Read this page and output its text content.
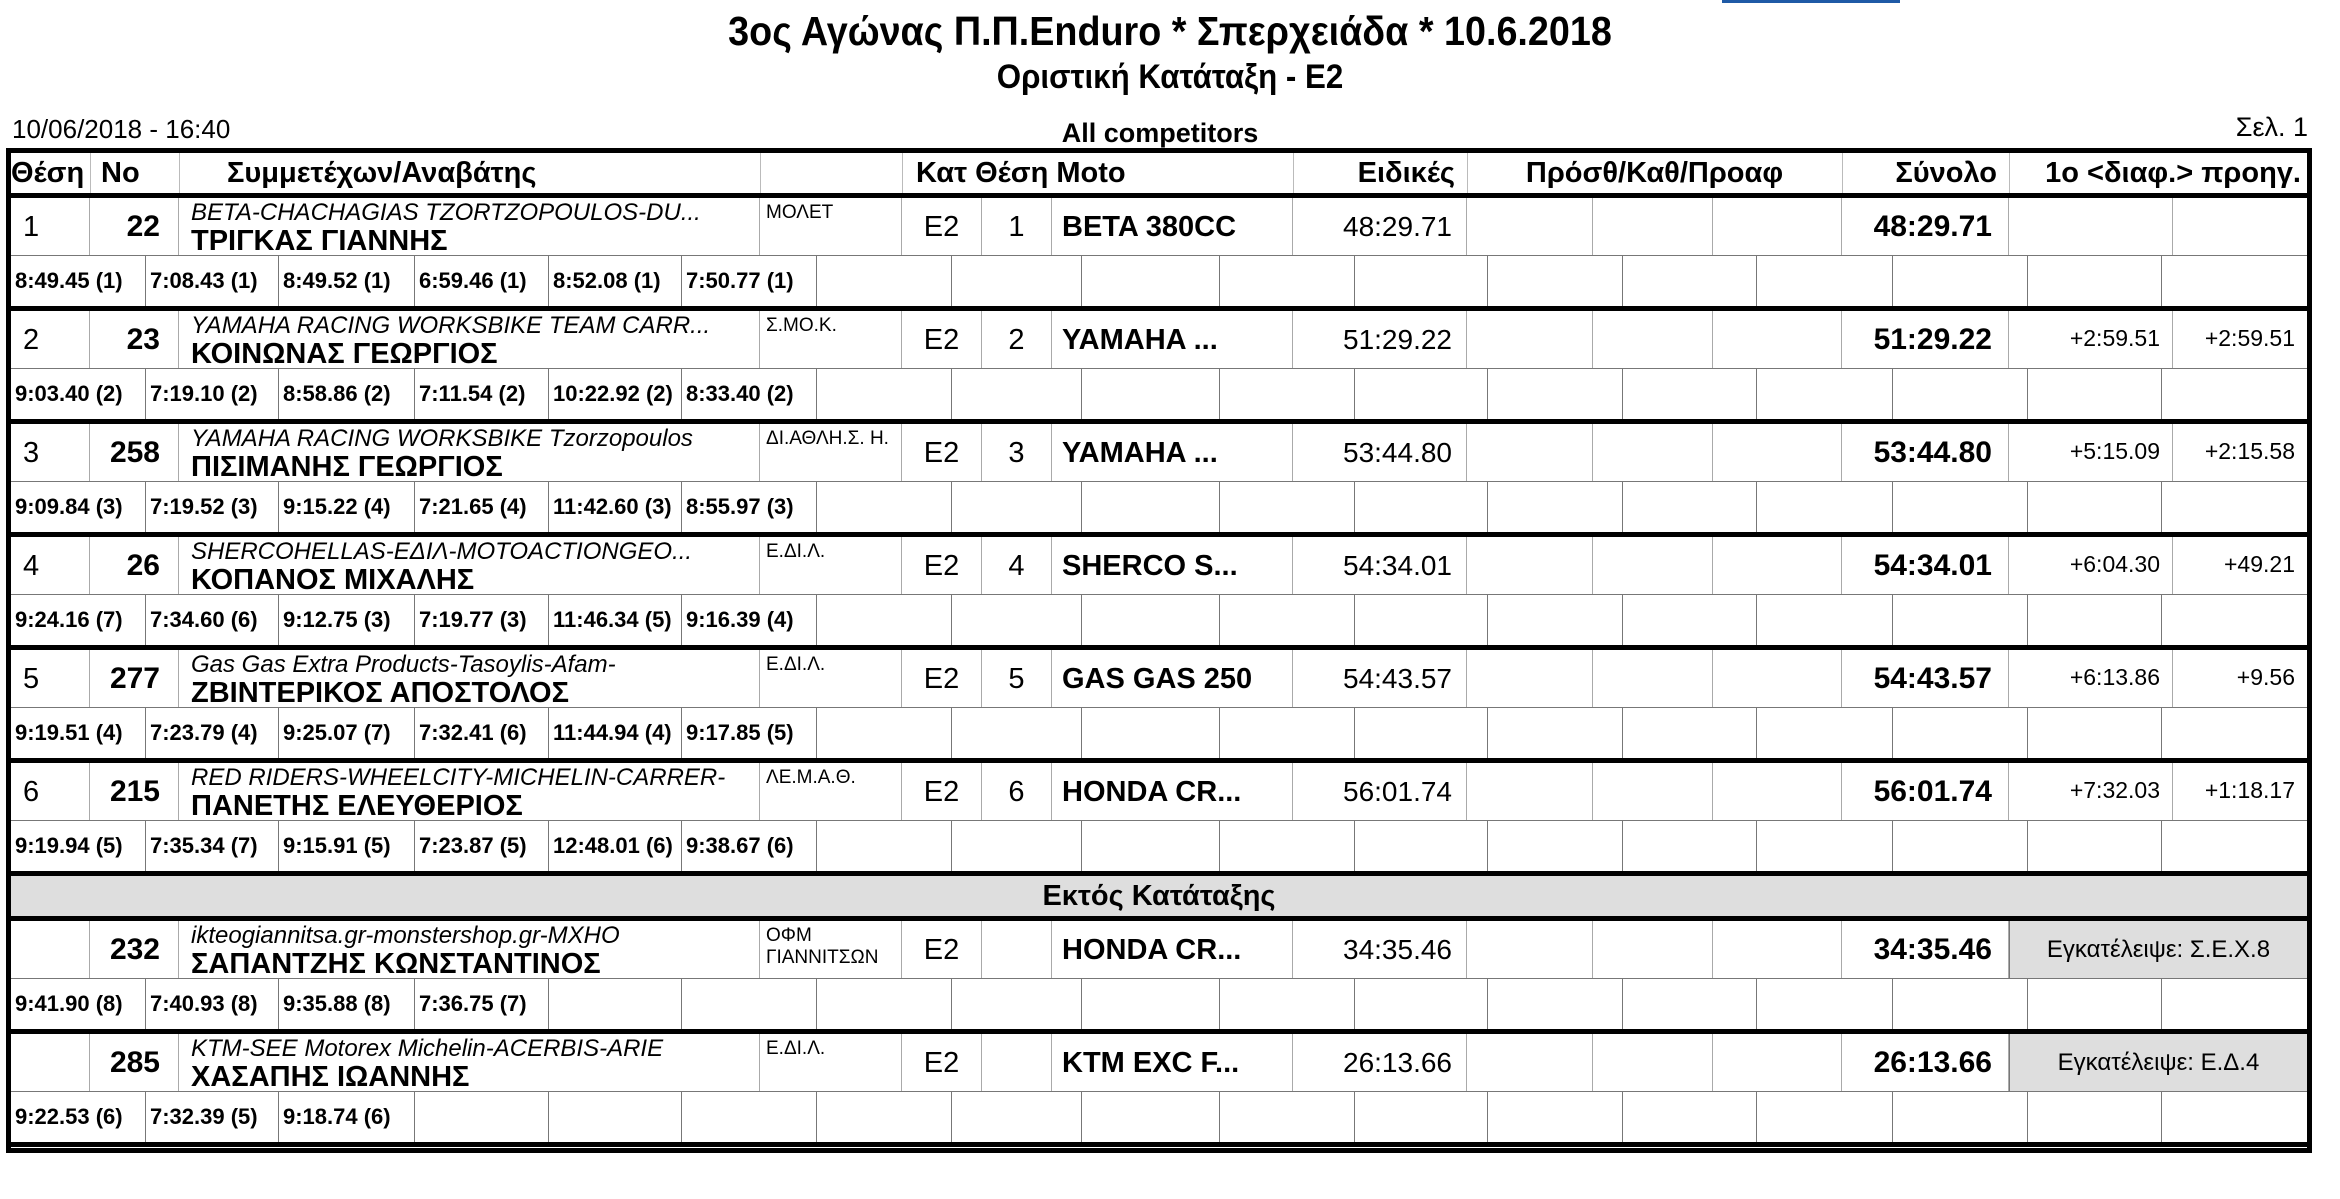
3ος Αγώνας Π.Π.Enduro * Σπερχειάδα * 10.6.2018
Οριστική Κατάταξη - Ε2
10/06/2018 - 16:40	All competitors	Σελ. 1
Θέση No	Συμμετέχων/Αναβάτης	Κατ Θέση Moto	Ειδικές	Πρόσθ/Καθ/Προαφ	Σύνολο	1ο <διαφ.> προηγ.
1	22	BETA-CHACHAGIAS TZORTZOPOULOS-DU...
ΤΡΙΓΚΑΣ ΓΙΑΝΝΗΣ
ΜΟΛΕΤ	Ε2	1	BETA 380CC	48:29.71	48:29.71
8:49.45 (1)	7:08.43 (1)	8:49.52 (1)	6:59.46 (1)	8:52.08 (1)	7:50.77 (1)
2	23	YAMAHA RACING WORKSBIKE TEAM CARR...
ΚΟΙΝΩΝΑΣ ΓΕΩΡΓΙΟΣ
Σ.ΜΟ.Κ.	Ε2	2	YAMAHA ...	51:29.22	51:29.22	+2:59.51	+2:59.51
9:03.40 (2)	7:19.10 (2)	8:58.86 (2)	7:11.54 (2)	10:22.92 (2) 8:33.40 (2)
3	258	YAMAHA RACING WORKSBIKE Tzorzopoulos
ΠΙΣΙΜΑΝΗΣ ΓΕΩΡΓΙΟΣ
ΔΙ.ΑΘΛΗ.Σ. Η.	Ε2	3	YAMAHA ...	53:44.80	53:44.80	+5:15.09	+2:15.58
9:09.84 (3)	7:19.52 (3)	9:15.22 (4)	7:21.65 (4)	11:42.60 (3) 8:55.97 (3)
4	26	SHERCOHELLAS-ΕΔΙΛ-MOTOACTIONGEO...
ΚΟΠΑΝΟΣ ΜΙΧΑΛΗΣ
Ε.ΔΙ.Λ.	Ε2	4	SHERCO S...	54:34.01	54:34.01	+6:04.30	+49.21
9:24.16 (7)	7:34.60 (6)	9:12.75 (3)	7:19.77 (3)	11:46.34 (5) 9:16.39 (4)
5	277	Gas Gas Extra Products-Tasoylis-Afam-
ΖΒΙΝΤΕΡΙΚΟΣ ΑΠΟΣΤΟΛΟΣ
Ε.ΔΙ.Λ.	Ε2	5	GAS GAS 250	54:43.57	54:43.57	+6:13.86	+9.56
9:19.51 (4)	7:23.79 (4)	9:25.07 (7)	7:32.41 (6)	11:44.94 (4) 9:17.85 (5)
6	215	RED RIDERS-WHEELCITY-MICHELIN-CARRER-
ΠΑΝΕΤΗΣ ΕΛΕΥΘΕΡΙΟΣ
ΛΕ.Μ.Α.Θ.	Ε2	6	HONDA CR...	56:01.74	56:01.74	+7:32.03	+1:18.17
9:19.94 (5)	7:35.34 (7)	9:15.91 (5)	7:23.87 (5)	12:48.01 (6) 9:38.67 (6)
Εκτός Κατάταξης
232	ikteogiannitsa.gr-monstershop.gr-MXHO
ΣΑΠΑΝΤΖΗΣ ΚΩΝΣΤΑΝΤΙΝΟΣ
ΟΦΜ ΓΙΑΝΝΙΤΣΩΝ	Ε2	HONDA CR...	34:35.46	34:35.46	Εγκατέλειψε: Σ.Ε.Χ.8
9:41.90 (8)	7:40.93 (8)	9:35.88 (8)	7:36.75 (7)
285	KTM-SEE Motorex Michelin-ACERBIS-ARIE
ΧΑΣΑΠΗΣ ΙΩΑΝΝΗΣ
Ε.ΔΙ.Λ.	Ε2	KTM EXC F...	26:13.66	26:13.66	Εγκατέλειψε: Ε.Δ.4
9:22.53 (6)	7:32.39 (5)	9:18.74 (6)
